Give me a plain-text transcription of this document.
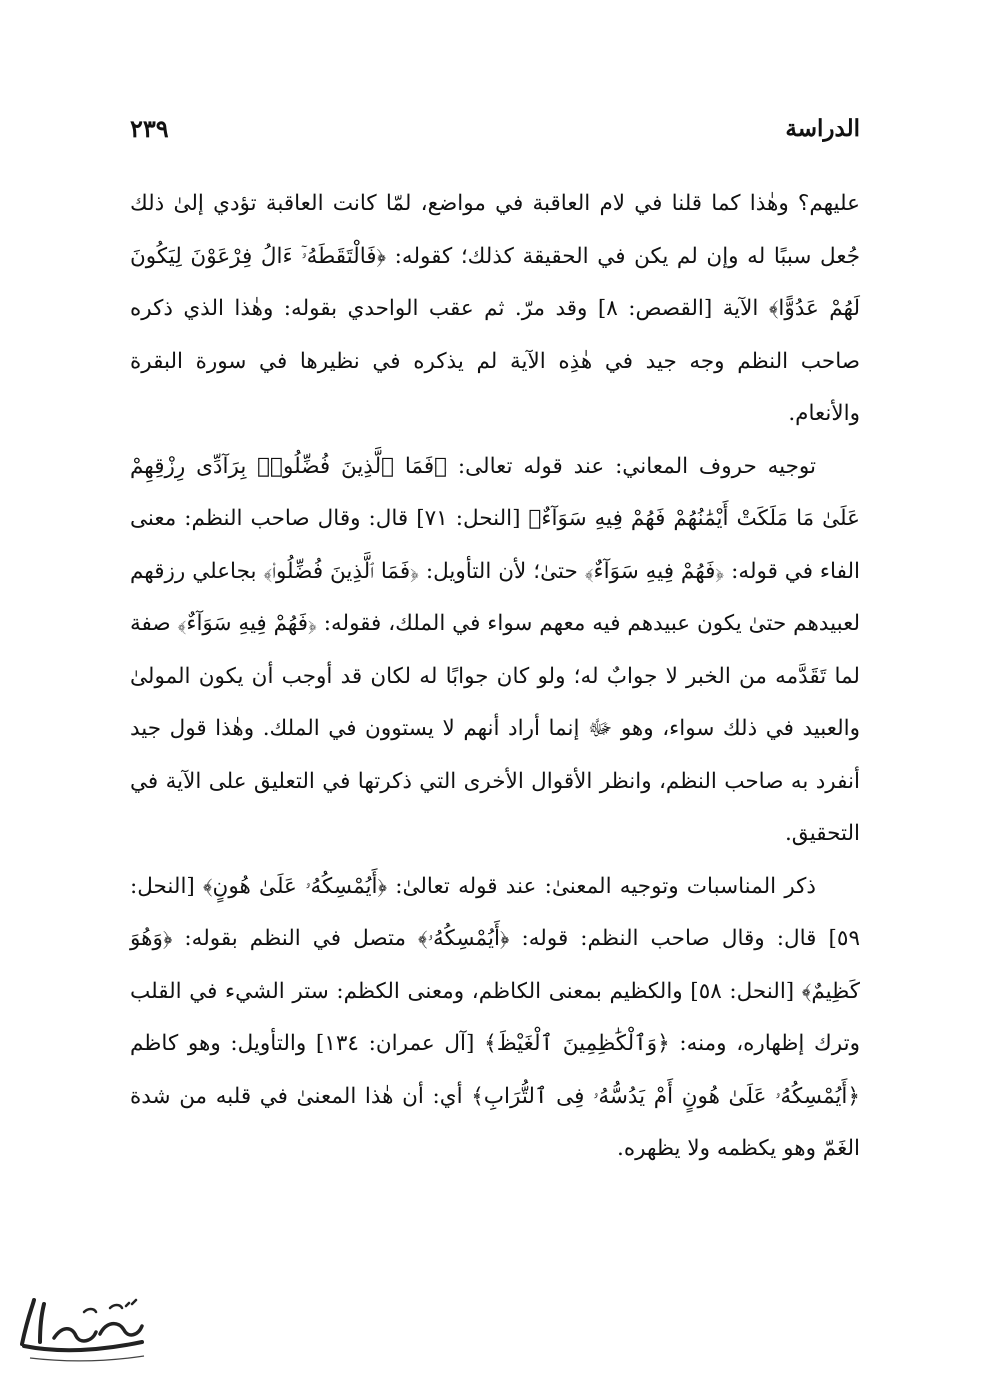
الدراسة
٢٣٩

عليهم؟ وهٰذا كما قلنا في لام العاقبة في مواضع، لمّا كانت العاقبة تؤدي إلىٰ ذلك جُعل سببًا له وإن لم يكن في الحقيقة كذلك؛ كقوله: ﴿فَالْتَقَطَهُۥٓ ءَالُ فِرْعَوْنَ لِيَكُونَ لَهُمْ عَدُوًّا﴾ الآية [القصص: ٨] وقد مرّ. ثم عقب الواحدي بقوله: وهٰذا الذي ذكره صاحب النظم وجه جيد في هٰذِه الآية لم يذكره في نظيرها في سورة البقرة والأنعام.

توجيه حروف المعاني: عند قوله تعالى: ﴿فَمَا ٱلَّذِينَ فُضِّلُوا۟ بِرَآدِّى رِزْقِهِمْ عَلَىٰ مَا مَلَكَتْ أَيْمَٰنُهُمْ فَهُمْ فِيهِ سَوَآءٌ﴾ [النحل: ٧١] قال: وقال صاحب النظم: معنى الفاء في قوله: ﴿فَهُمْ فِيهِ سَوَآءٌ﴾ حتىٰ؛ لأن التأويل: ﴿فَمَا ٱلَّذِينَ فُضِّلُوا۟﴾ بجاعلي رزقهم لعبيدهم حتىٰ يكون عبيدهم فيه معهم سواء في الملك، فقوله: ﴿فَهُمْ فِيهِ سَوَآءٌ﴾ صفة لما تَقَدَّمه من الخبر لا جوابٌ له؛ ولو كان جوابًا له لكان قد أوجب أن يكون المولىٰ والعبيد في ذلك سواء، وهو ﷻ إنما أراد أنهم لا يستوون في الملك. وهٰذا قول جيد أنفرد به صاحب النظم، وانظر الأقوال الأخرى التي ذكرتها في التعليق على الآية في التحقيق.

ذكر المناسبات وتوجيه المعنىٰ: عند قوله تعالىٰ: ﴿أَيُمْسِكُهُۥ عَلَىٰ هُونٍ﴾ [النحل: ٥٩] قال: وقال صاحب النظم: قوله: ﴿أَيُمْسِكُهُۥ﴾ متصل في النظم بقوله: ﴿وَهُوَ كَظِيمٌ﴾ [النحل: ٥٨] والكظيم بمعنى الكاظم، ومعنى الكظم: ستر الشيء في القلب وترك إظهاره، ومنه: ﴿وَٱلْكَٰظِمِينَ ٱلْغَيْظَ﴾ [آل عمران: ١٣٤] والتأويل: وهو كاظم ﴿أَيُمْسِكُهُۥ عَلَىٰ هُونٍ أَمْ يَدُسُّهُۥ فِى ٱلتُّرَابِ﴾ أي: أن هٰذا المعنىٰ في قلبه من شدة الغَمّ وهو يكظمه ولا يظهره.
